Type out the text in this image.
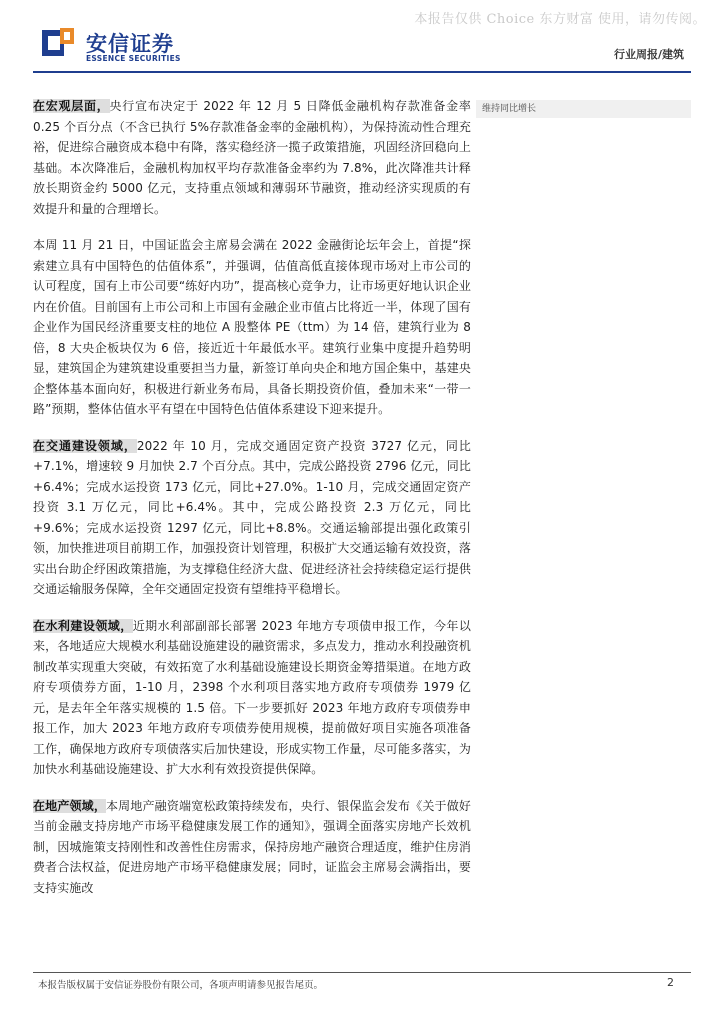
本报告仅供 Choice 东方财富 使用，请勿传阅。
安信证券
ESSENCE SECURITIES	行业周报/建筑
维持同比增长

在宏观层面，央行宣布决定于 2022 年 12 月 5 日降低金融机构存款准备金率 0.25 个百分点（不含已执行 5%存款准备金率的金融机构），为保持流动性合理充裕，促进综合融资成本稳中有降，落实稳经济一揽子政策措施，巩固经济回稳向上基础。本次降准后，金融机构加权平均存款准备金率约为 7.8%，此次降准共计释放长期资金约 5000 亿元，支持重点领域和薄弱环节融资，推动经济实现质的有效提升和量的合理增长。

本周 11 月 21 日，中国证监会主席易会满在 2022 金融街论坛年会上，首提“探索建立具有中国特色的估值体系”，并强调，估值高低直接体现市场对上市公司的认可程度，国有上市公司要“练好内功”，提高核心竞争力，让市场更好地认识企业内在价值。目前国有上市公司和上市国有金融企业市值占比将近一半，体现了国有企业作为国民经济重要支柱的地位 A 股整体 PE（ttm）为 14 倍，建筑行业为 8 倍，8 大央企板块仅为 6 倍，接近近十年最低水平。建筑行业集中度提升趋势明显，建筑国企为建筑建设重要担当力量，新签订单向央企和地方国企集中，基建央企整体基本面向好，积极进行新业务布局，具备长期投资价值，叠加未来“一带一路”预期，整体估值水平有望在中国特色估值体系建设下迎来提升。

在交通建设领域，2022 年 10 月，完成交通固定资产投资 3727 亿元，同比+7.1%，增速较 9 月加快 2.7 个百分点。其中，完成公路投资 2796 亿元，同比+6.4%；完成水运投资 173 亿元，同比+27.0%。1-10 月，完成交通固定资产投资 3.1 万亿元，同比+6.4%。其中，完成公路投资 2.3 万亿元，同比+9.6%；完成水运投资 1297 亿元，同比+8.8%。交通运输部提出强化政策引领，加快推进项目前期工作，加强投资计划管理，积极扩大交通运输有效投资，落实出台助企纾困政策措施，为支撑稳住经济大盘、促进经济社会持续稳定运行提供交通运输服务保障，全年交通固定投资有望维持平稳增长。

在水利建设领域，近期水利部副部长部署 2023 年地方专项债申报工作，今年以来，各地适应大规模水利基础设施建设的融资需求，多点发力，推动水利投融资机制改革实现重大突破，有效拓宽了水利基础设施建设长期资金筹措渠道。在地方政府专项债券方面，1-10 月，2398 个水利项目落实地方政府专项债券 1979 亿元，是去年全年落实规模的 1.5 倍。下一步要抓好 2023 年地方政府专项债券申报工作，加大 2023 年地方政府专项债券使用规模，提前做好项目实施各项准备工作，确保地方政府专项债落实后加快建设，形成实物工作量，尽可能多落实，为加快水利基础设施建设、扩大水利有效投资提供保障。

在地产领域，本周地产融资端宽松政策持续发布，央行、银保监会发布《关于做好当前金融支持房地产市场平稳健康发展工作的通知》，强调全面落实房地产长效机制，因城施策支持刚性和改善性住房需求，保持房地产融资合理适度，维护住房消费者合法权益，促进房地产市场平稳健康发展；同时，证监会主席易会满指出，要支持实施改

本报告版权属于安信证券股份有限公司，各项声明请参见报告尾页。	2
